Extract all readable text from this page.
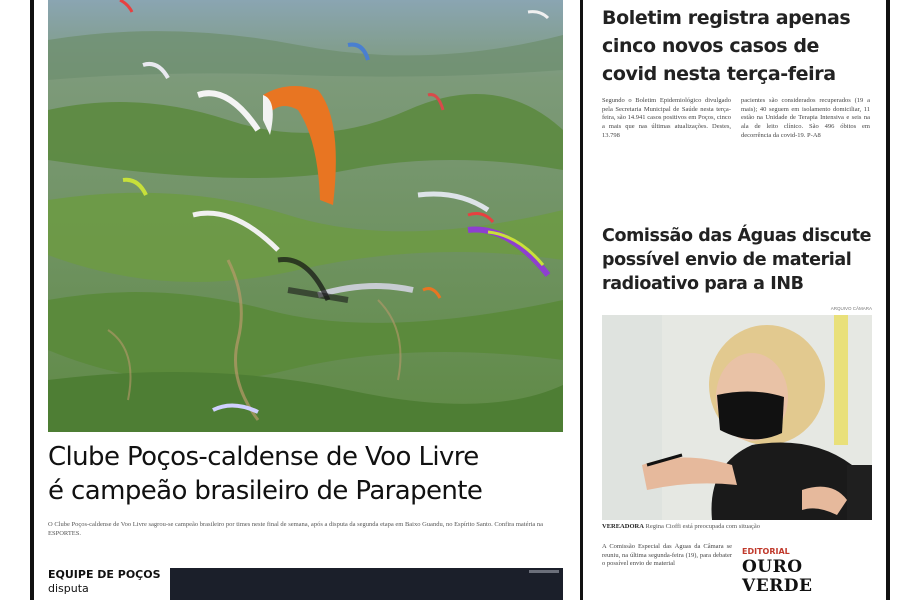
Clube Poços-caldense de Voo Livre
é campeão brasileiro de Parapente
O Clube Poços-caldense de Voo Livre sagrou-se campeão brasileiro por times neste final de semana, após a disputa da segunda etapa em Baixo Guandu, no Espírito Santo. Confira matéria na ESPORTES.
EQUIPE DE POÇOS disputa
Boletim registra apenas cinco novos casos de covid nesta terça-feira

Segundo o Boletim Epidemiológico divulgado pela Secretaria Municipal de Saúde nesta terça-feira, são 14.941 casos positivos em Poços, cinco a mais que nas últimas atualizações. Destes, 13.798

pacientes são considerados recuperados (19 a mais); 40 seguem em isolamento domiciliar, 11 estão na Unidade de Terapia Intensiva e seis na ala de leito clínico. São 496 óbitos em decorrência da covid-19. P-A8

Comissão das Águas discute possível envio de material radioativo para a INB
ARQUIVO CÂMARA
VEREADORA Regina Cioffi está preocupada com situação

A Comissão Especial das Águas da Câmara se reuniu, na última segunda-feira (19), para debater o possível envio de material

EDITORIAL
OURO VERDE
